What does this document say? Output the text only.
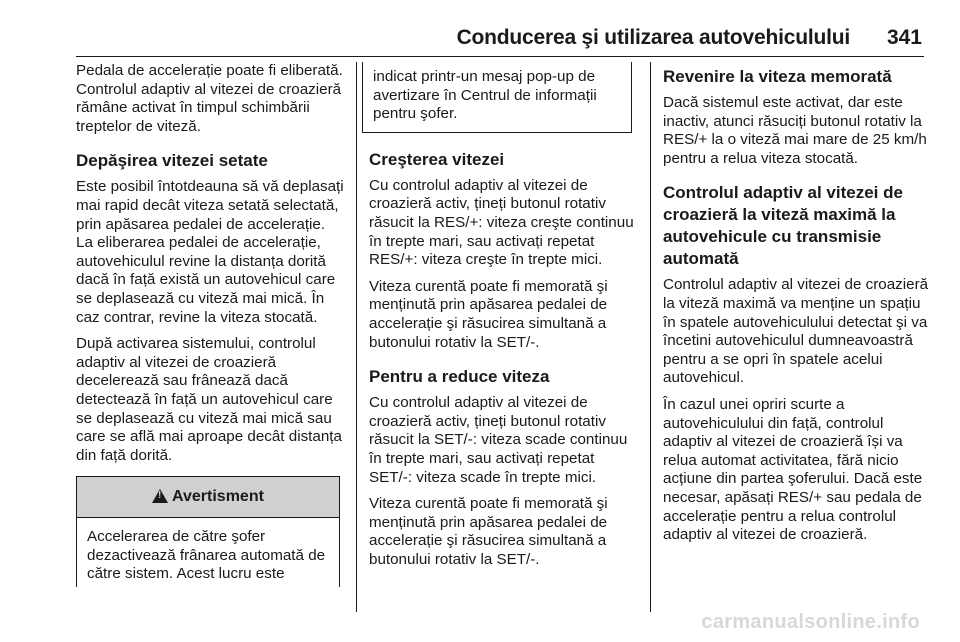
Conducerea şi utilizarea autovehiculului 341

Pedala de accelerație poate fi eliberată. Controlul adaptiv al vitezei de croazieră rămâne activat în timpul schimbării treptelor de viteză.

Depăşirea vitezei setate

Este posibil întotdeauna să vă deplasați mai rapid decât viteza setată selectată, prin apăsarea pedalei de accelerație. La eliberarea pedalei de accelerație, autovehiculul revine la distanța dorită dacă în față există un autovehicul care se deplasează cu viteză mai mică. În caz contrar, revine la viteza stocată.

După activarea sistemului, controlul adaptiv al vitezei de croazieră decelerează sau frânează dacă detectează în față un autovehicul care se deplasează cu viteză mai mică sau care se află mai aproape decât distanța din față dorită.

!
Avertisment
Accelerarea de către şofer dezactivează frânarea automată de către sistem. Acest lucru este
indicat printr-un mesaj pop-up de avertizare în Centrul de informații pentru şofer.
Creşterea vitezei

Cu controlul adaptiv al vitezei de croazieră activ, țineți butonul rotativ răsucit la RES/+: viteza creşte continuu în trepte mari, sau activați repetat RES/+: viteza creşte în trepte mici.

Viteza curentă poate fi memorată şi menținută prin apăsarea pedalei de accelerație şi răsucirea simultană a butonului rotativ la SET/-.

Pentru a reduce viteza

Cu controlul adaptiv al vitezei de croazieră activ, țineți butonul rotativ răsucit la SET/-: viteza scade continuu în trepte mari, sau activați repetat SET/-: viteza scade în trepte mici.

Viteza curentă poate fi memorată şi menținută prin apăsarea pedalei de accelerație şi răsucirea simultană a butonului rotativ la SET/-.

Revenire la viteza memorată

Dacă sistemul este activat, dar este inactiv, atunci răsuciți butonul rotativ la RES/+ la o viteză mai mare de 25 km/h pentru a relua viteza stocată.

Controlul adaptiv al vitezei de croazieră la viteză maximă la autovehicule cu transmisie automată

Controlul adaptiv al vitezei de croazieră la viteză maximă va menține un spațiu în spatele autovehiculului detectat şi va încetini autovehiculul dumneavoastră pentru a se opri în spatele acelui autovehicul.

În cazul unei opriri scurte a autovehiculului din față, controlul adaptiv al vitezei de croazieră își va relua automat activitatea, fără nicio acțiune din partea şoferului. Dacă este necesar, apăsați RES/+ sau pedala de accelerație pentru a relua controlul adaptiv al vitezei de croazieră.

carmanualsonline.info
